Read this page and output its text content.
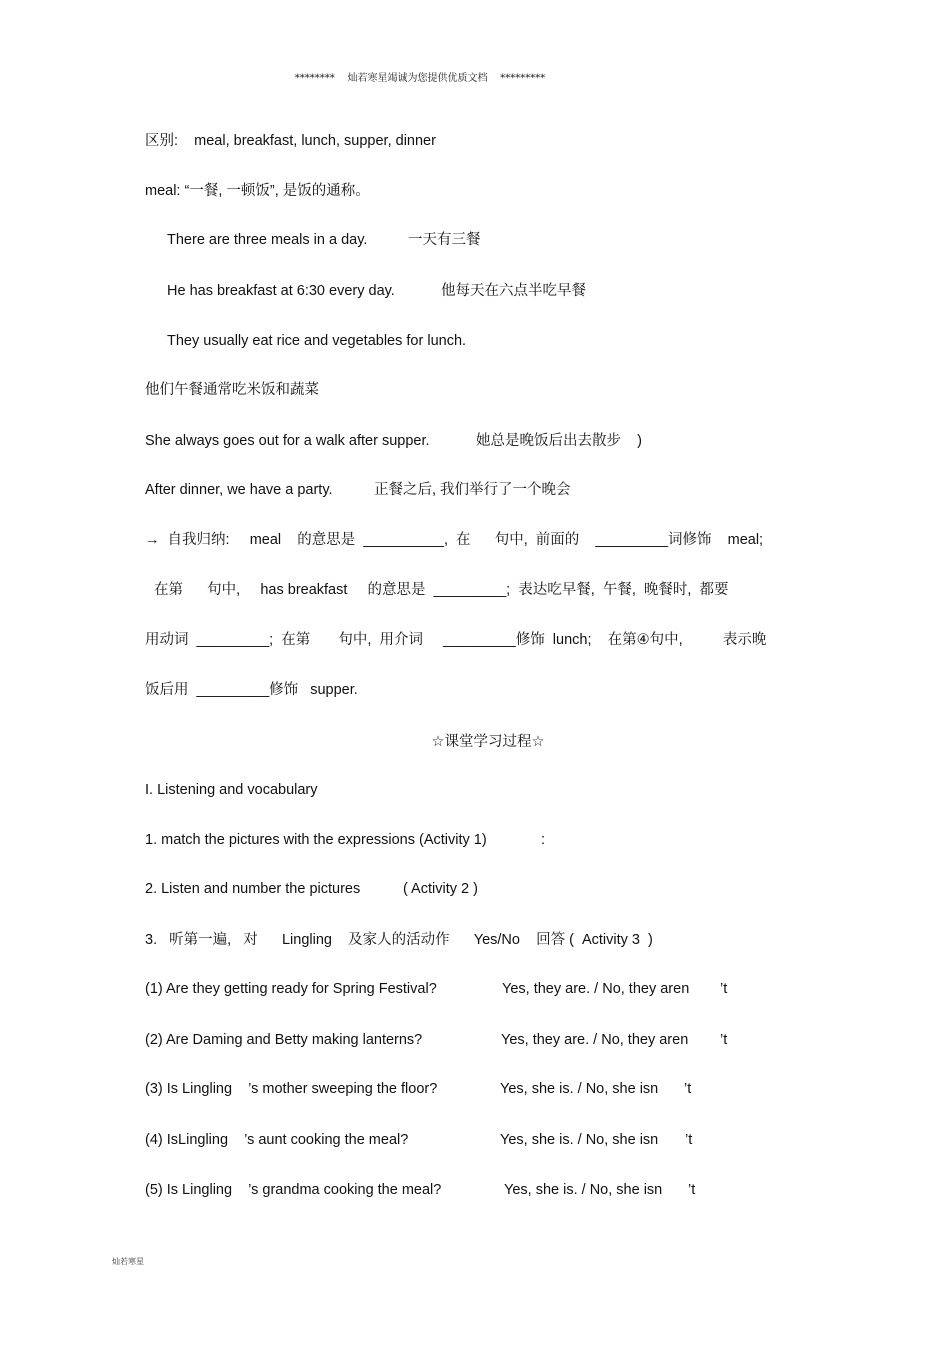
********    灿若寒星竭诚为您提供优质文档    *********
区别:    meal, breakfast, lunch, supper, dinner
meal: “一餐, 一顿饭”, 是饭的通称。
There are three meals in a day.	一天有三餐
He has breakfast at 6:30 every day.	他每天在六点半吃早餐
They usually eat rice and vegetables for lunch.
他们午餐通常吃米饭和蔬菜
She always goes out for a walk after supper.	她总是晚饭后出去散步    )
After dinner, we have a party.	正餐之后, 我们举行了一个晚会
→  自我归纳:     meal    的意思是  __________,  在      句中,  前面的    _________词修饰    meal;
在第      句中,     has breakfast     的意思是  _________;  表达吃早餐,  午餐,  晚餐时,  都要
用动词  _________;  在第       句中,  用介词     _________修饰  lunch;    在第④句中,          表示晚
饭后用  _________修饰   supper.
☆课堂学习过程☆
I. Listening and vocabulary
1. match the pictures with the expressions (Activity 1)	:
2. Listen and number the pictures	( Activity 2 )
3.   听第一遍,   对      Lingling    及家人的活动作      Yes/No    回答 (  Activity 3  )
(1) Are they getting ready for Spring Festival?	Yes, they are. / No, they aren ’t
(2) Are Daming and Betty making lanterns?	Yes, they are. / No, they aren ’t
(3) Is Lingling    ’s mother sweeping the floor?	Yes, she is. / No, she isn ’t
(4) IsLingling    ’s aunt cooking the meal?	Yes, she is. / No, she isn ’t
(5) Is Lingling    ’s grandma cooking the meal?	Yes, she is. / No, she isn ’t
灿若寒星
